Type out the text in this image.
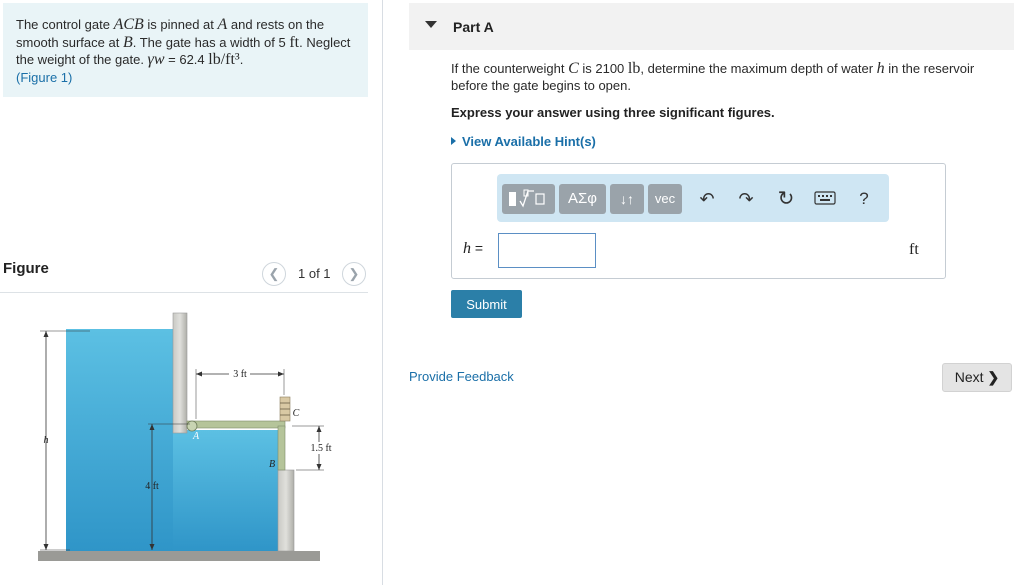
The control gate ACB is pinned at A and rests on the smooth surface at B. The gate has a width of 5 ft. Neglect the weight of the gate. γw = 62.4 lb/ft³.
(Figure 1)
Figure	❮	1 of 1	❯
h
4 ft
3 ft
1.5 ft
A
B
C
Part A
If the counterweight C is 2100 lb, determine the maximum depth of water h in the reservoir before the gate begins to open.
Express your answer using three significant figures.
View Available Hint(s)
ΑΣφ	↓↑	vec	↶	↷ ↻	?
h =	ft
Submit
Provide Feedback	Next ❯
